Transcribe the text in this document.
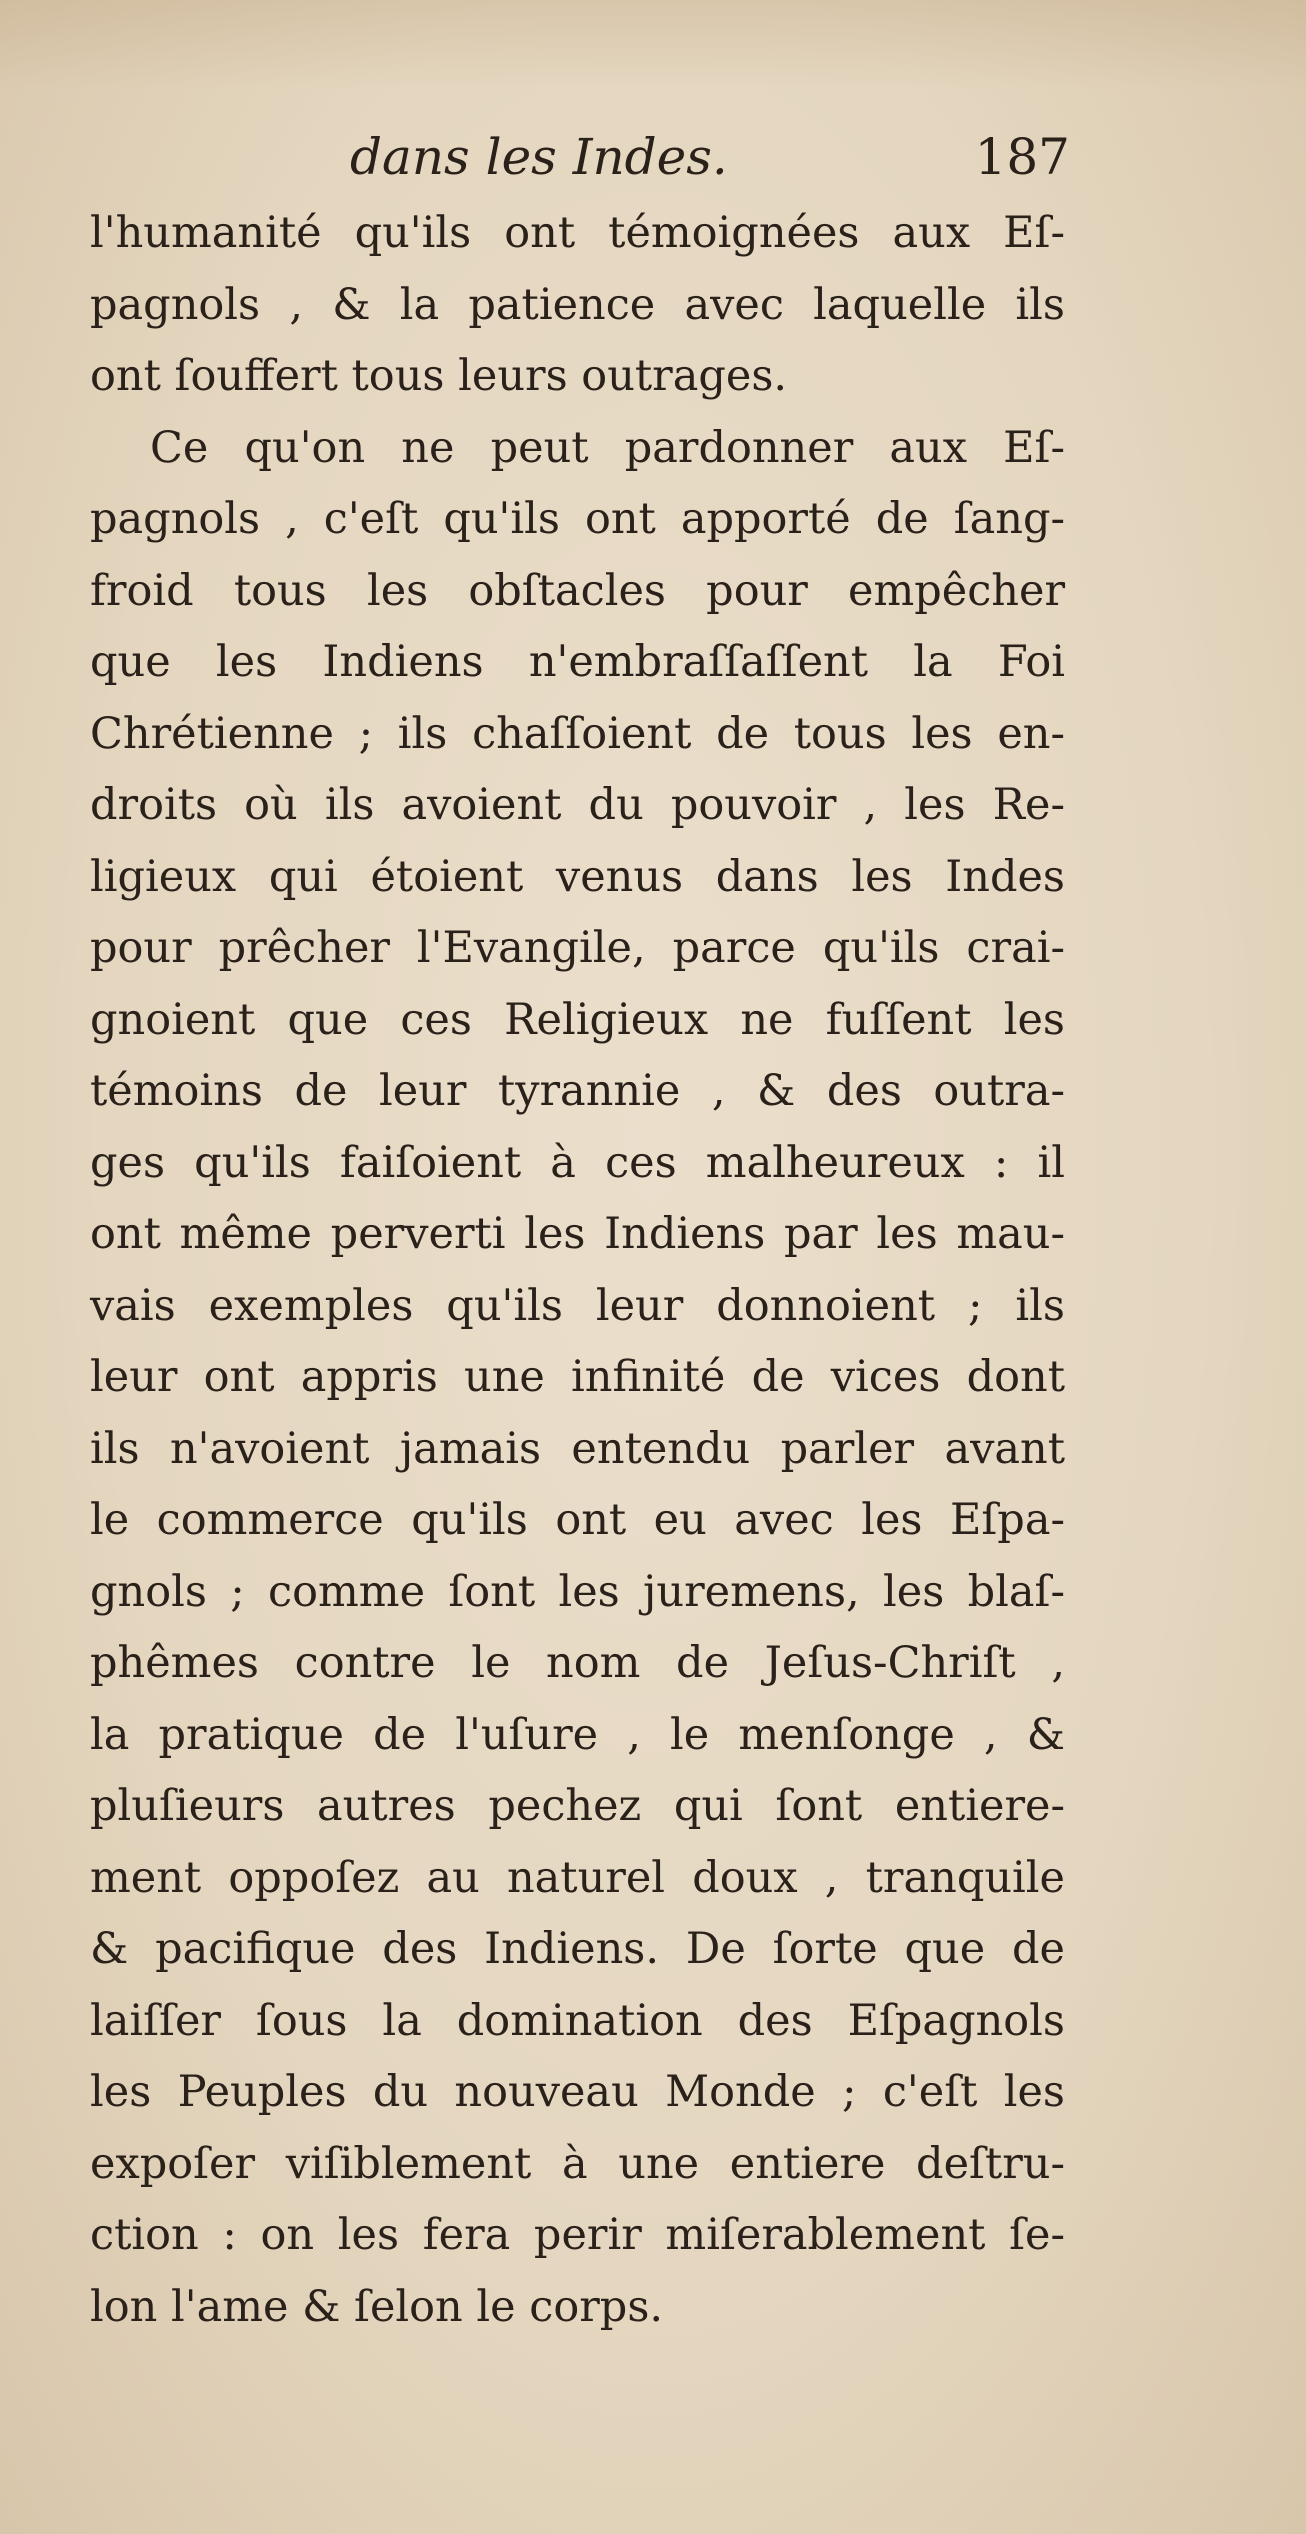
dans les Indes.	187
l'humanité qu'ils ont témoignées aux Eſ-
pagnols , & la patience avec laquelle ils
ont ſouffert tous leurs outrages.
Ce qu'on ne peut pardonner aux Eſ-
pagnols , c'eſt qu'ils ont apporté de ſang-
froid tous les obſtacles pour empêcher
que les Indiens n'embraſſaſſent la Foi
Chrétienne ; ils chaſſoient de tous les en-
droits où ils avoient du pouvoir , les Re-
ligieux qui étoient venus dans les Indes
pour prêcher l'Evangile, parce qu'ils crai-
gnoient que ces Religieux ne fuſſent les
témoins de leur tyrannie , & des outra-
ges qu'ils faiſoient à ces malheureux : il
ont même perverti les Indiens par les mau-
vais exemples qu'ils leur donnoient ; ils
leur ont appris une infinité de vices dont
ils n'avoient jamais entendu parler avant
le commerce qu'ils ont eu avec les Eſpa-
gnols ; comme ſont les juremens, les blaſ-
phêmes contre le nom de Jeſus-Chriſt ,
la pratique de l'uſure , le menſonge , &
pluſieurs autres pechez qui ſont entiere-
ment oppoſez au naturel doux , tranquile
& pacifique des Indiens. De ſorte que de
laiſſer ſous la domination des Eſpagnols
les Peuples du nouveau Monde ; c'eſt les
expoſer viſiblement à une entiere deſtru-
ction : on les fera perir miſerablement ſe-
lon l'ame & ſelon le corps.
